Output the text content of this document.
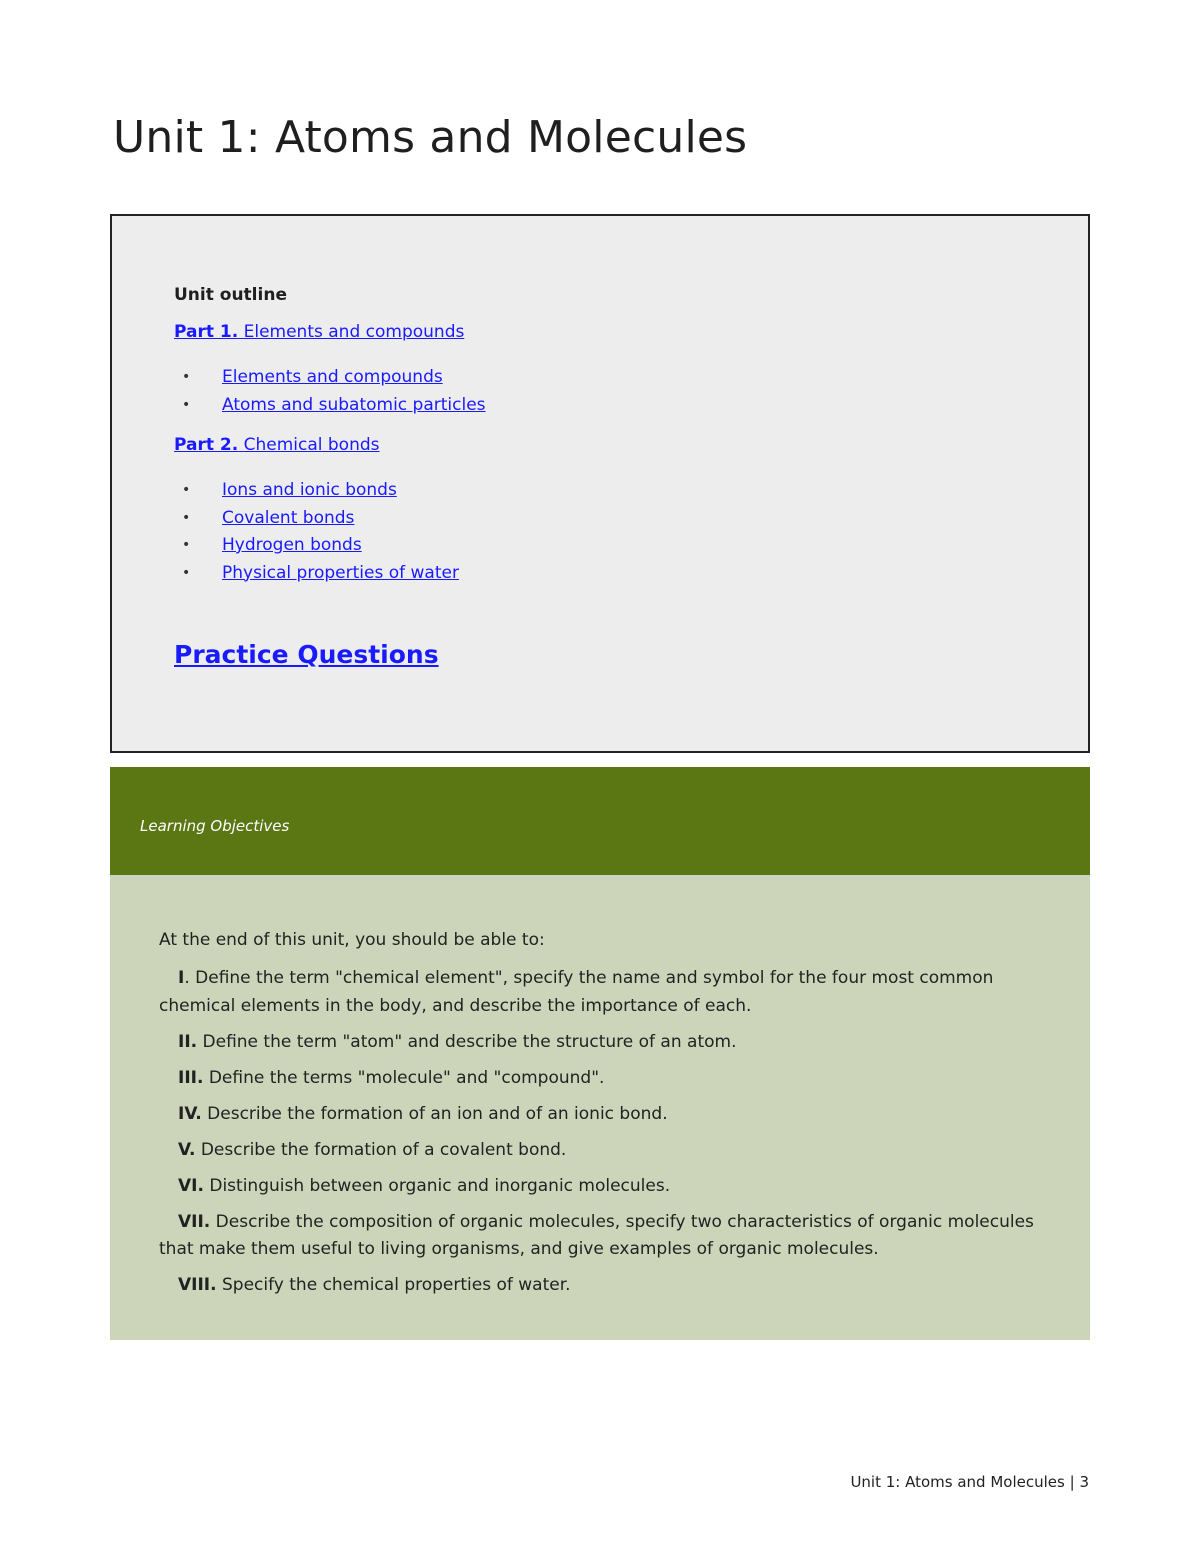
Unit 1: Atoms and Molecules
Unit outline
Part 1. Elements and compounds
• Elements and compounds
• Atoms and subatomic particles
Part 2. Chemical bonds
• Ions and ionic bonds
• Covalent bonds
• Hydrogen bonds
• Physical properties of water
Practice Questions
Learning Objectives

At the end of this unit, you should be able to:

I. Define the term "chemical element", specify the name and symbol for the four most common chemical elements in the body, and describe the importance of each.
II. Define the term "atom" and describe the structure of an atom.
III. Define the terms "molecule" and "compound".
IV. Describe the formation of an ion and of an ionic bond.
V. Describe the formation of a covalent bond.
VI. Distinguish between organic and inorganic molecules.
VII. Describe the composition of organic molecules, specify two characteristics of organic molecules that make them useful to living organisms, and give examples of organic molecules.
VIII. Specify the chemical properties of water.
Unit 1: Atoms and Molecules | 3
